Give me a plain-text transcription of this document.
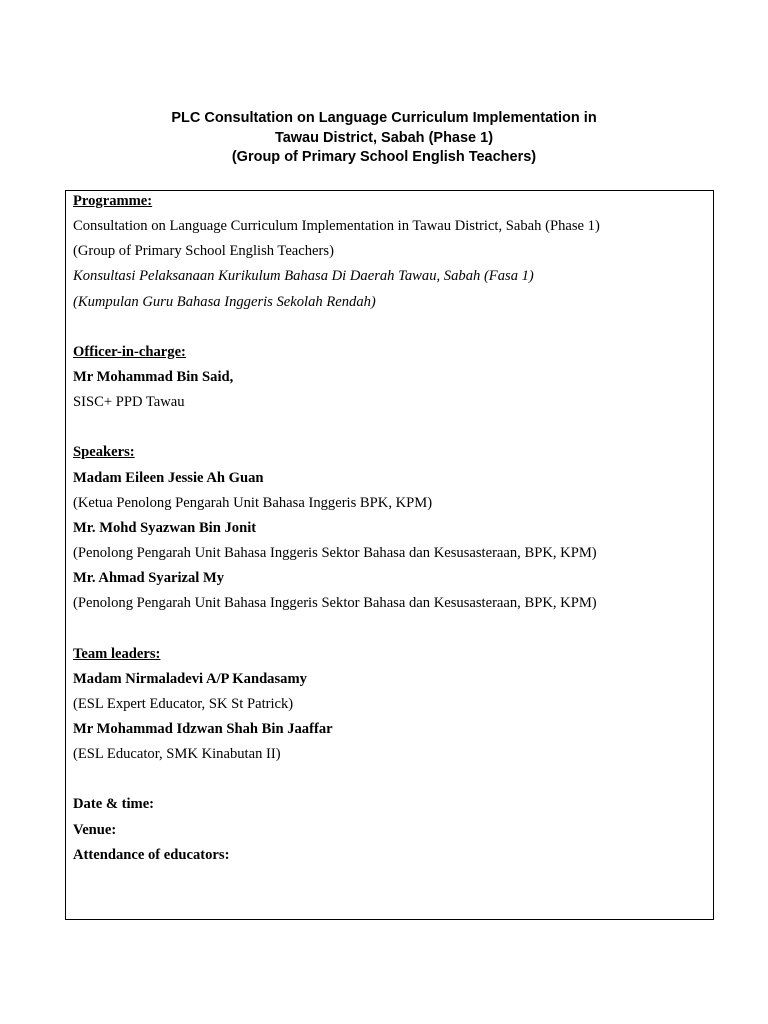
PLC Consultation on Language Curriculum Implementation in
Tawau District, Sabah (Phase 1)
(Group of Primary School English Teachers)
Programme:
Consultation on Language Curriculum Implementation in Tawau District, Sabah (Phase 1)
(Group of Primary School English Teachers)
Konsultasi Pelaksanaan Kurikulum Bahasa Di Daerah Tawau, Sabah (Fasa 1)
(Kumpulan Guru Bahasa Inggeris Sekolah Rendah)
Officer-in-charge:
Mr Mohammad Bin Said,
SISC+ PPD Tawau
Speakers:
Madam Eileen Jessie Ah Guan
(Ketua Penolong Pengarah Unit Bahasa Inggeris BPK, KPM)
Mr. Mohd Syazwan Bin Jonit
(Penolong Pengarah Unit Bahasa Inggeris Sektor Bahasa dan Kesusasteraan, BPK, KPM)
Mr. Ahmad Syarizal My
(Penolong Pengarah Unit Bahasa Inggeris Sektor Bahasa dan Kesusasteraan, BPK, KPM)
Team leaders:
Madam Nirmaladevi A/P Kandasamy
(ESL Expert Educator, SK St Patrick)
Mr Mohammad Idzwan Shah Bin Jaaffar
(ESL Educator, SMK Kinabutan II)
Date & time:
Venue:
Attendance of educators:
